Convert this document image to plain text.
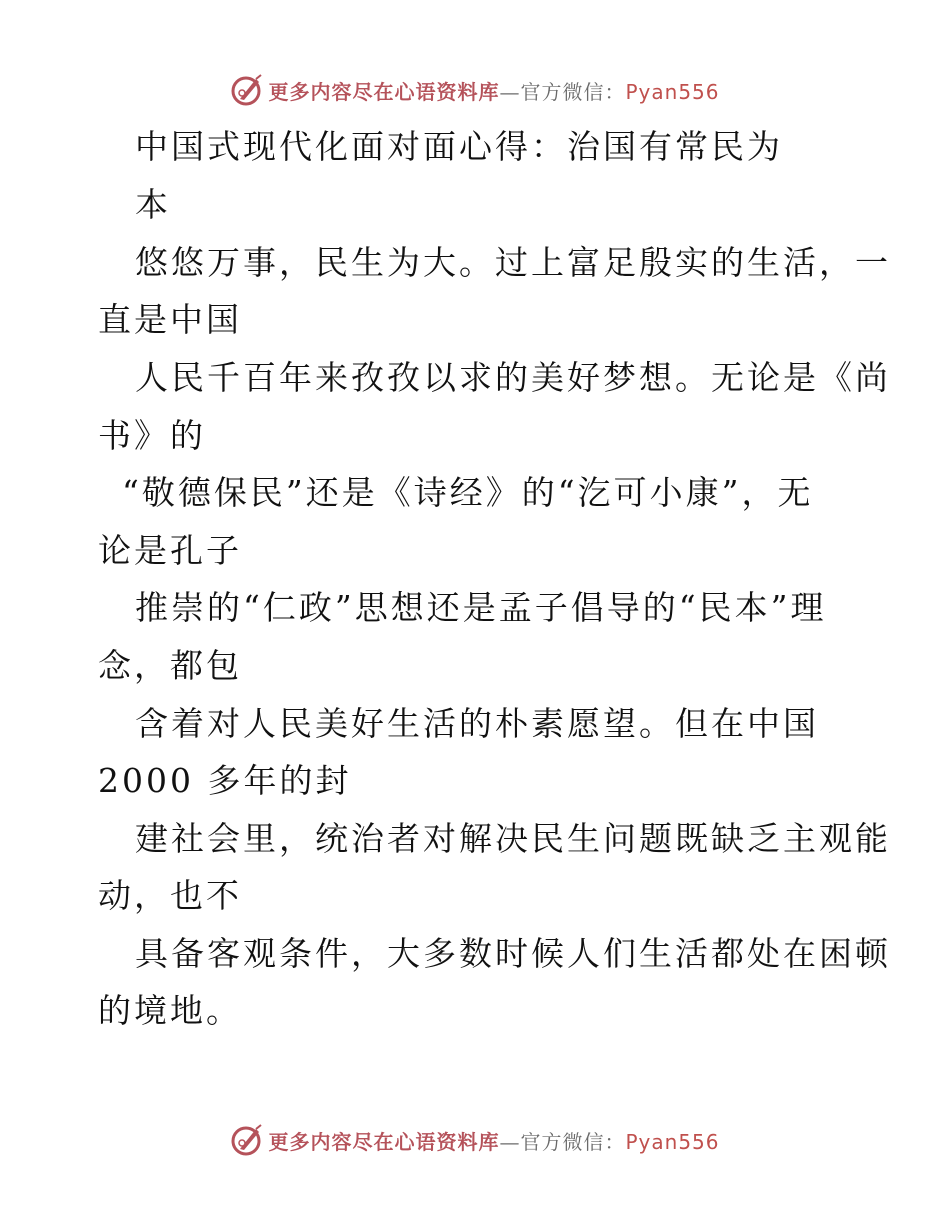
更多内容尽在心语资料库—官方微信：Pyan556
中国式现代化面对面心得：治国有常民为
本
悠悠万事，民生为大。过上富足殷实的生活，一
直是中国
人民千百年来孜孜以求的美好梦想。无论是《尚
书》的
“敬德保民”还是《诗经》的“汔可小康”，无
论是孔子
推崇的“仁政”思想还是孟子倡导的“民本”理
念，都包
含着对人民美好生活的朴素愿望。但在中国
2000 多年的封
建社会里，统治者对解决民生问题既缺乏主观能
动，也不
具备客观条件，大多数时候人们生活都处在困顿
的境地。
更多内容尽在心语资料库—官方微信：Pyan556
